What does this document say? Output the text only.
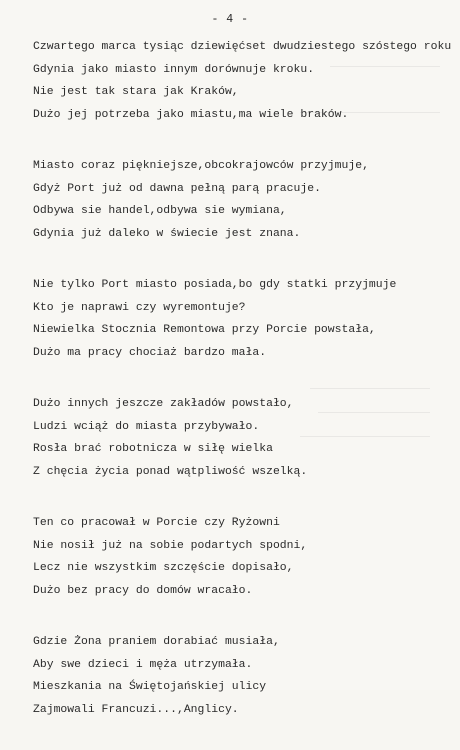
- 4 -
Czwartego marca tysiąc dziewięćset dwudziestego szóstego roku
Gdynia jako miasto innym dorównuje kroku.
Nie jest tak stara jak Kraków,
Dużo jej potrzeba jako miastu,ma wiele braków.
Miasto coraz piękniejsze,obcokrajowców przyjmuje,
Gdyż Port już od dawna pełną parą pracuje.
Odbywa sie handel,odbywa sie wymiana,
Gdynia już daleko w świecie jest znana.
Nie tylko Port miasto posiada,bo gdy statki przyjmuje
Kto je naprawi czy wyremontuje?
Niewielka Stocznia Remontowa przy Porcie powstała,
Dużo ma pracy chociaż bardzo mała.
Dużo innych jeszcze zakładów powstało,
Ludzi wciąż do miasta przybywało.
Rosła brać robotnicza w siłę wielka
Z chęcia życia ponad wątpliwość wszelką.
Ten co pracował w Porcie czy Ryżowni
Nie nosił już na sobie podartych spodni,
Lecz nie wszystkim szczęście dopisało,
Dużo bez pracy do domów wracało.
Gdzie Żona praniem dorabiać musiała,
Aby swe dzieci i męża utrzymała.
Mieszkania na Świętojańskiej ulicy
Zajmowali Francuzi...,Anglicy.
